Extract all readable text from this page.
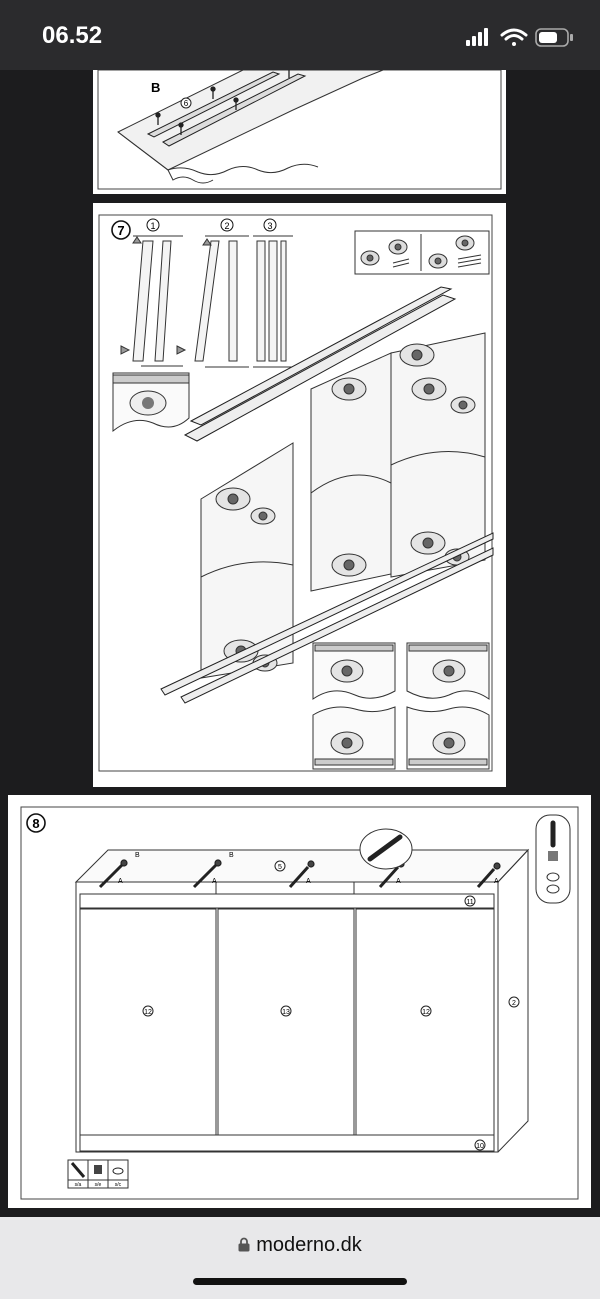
06.52
B
6
7	1	2	3
8
B
A
B
A	A	A	A
5
11
12	13	12
2
10
s/a	s/e	s/c
moderno.dk
